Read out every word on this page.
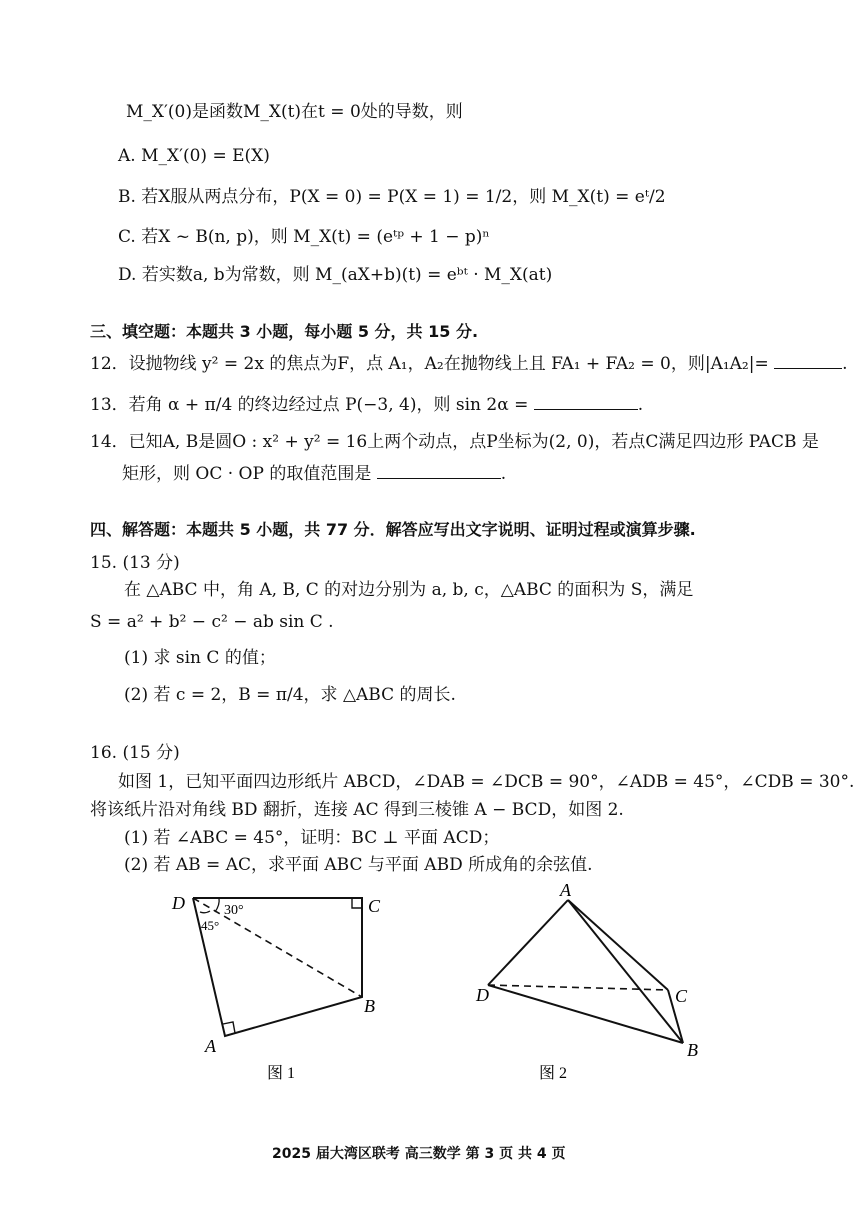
M_X′(0)是函数M_X(t)在t = 0处的导数，则
A. M_X′(0) = E(X)
B. 若X服从两点分布，P(X = 0) = P(X = 1) = 1/2，则 M_X(t) = eᵗ/2
C. 若X ~ B(n, p)，则 M_X(t) = (eᵗᵖ + 1 − p)ⁿ
D. 若实数a, b为常数，则 M_(aX+b)(t) = eᵇᵗ · M_X(at)
三、填空题：本题共 3 小题，每小题 5 分，共 15 分.
12．设抛物线 y² = 2x 的焦点为F，点 A₁，A₂在抛物线上且 FA₁ + FA₂ = 0，则|A₁A₂|=	.
13．若角 α + π/4 的终边经过点 P(−3, 4)，则 sin 2α =	.
14．已知A, B是圆O : x² + y² = 16上两个动点，点P坐标为(2, 0)，若点C满足四边形 PACB 是
矩形，则 OC · OP 的取值范围是	.
四、解答题：本题共 5 小题，共 77 分．解答应写出文字说明、证明过程或演算步骤.
15. (13 分)
在 △ABC 中，角 A, B, C 的对边分别为 a, b, c，△ABC 的面积为 S，满足
S = a² + b² − c² − ab sin C .
(1) 求 sin C 的值；
(2) 若 c = 2，B = π/4，求 △ABC 的周长.
16. (15 分)
如图 1，已知平面四边形纸片 ABCD，∠DAB = ∠DCB = 90°，∠ADB = 45°，∠CDB = 30°.
将该纸片沿对角线 BD 翻折，连接 AC 得到三棱锥 A − BCD，如图 2.
(1) 若 ∠ABC = 45°，证明：BC ⊥ 平面 ACD；
(2) 若 AB = AC，求平面 ABC 与平面 ABD 所成角的余弦值.
D	C
B
A
30°
45°
图 1
A
D	C
B
图 2
2025 届大湾区联考 高三数学 第 3 页 共 4 页
